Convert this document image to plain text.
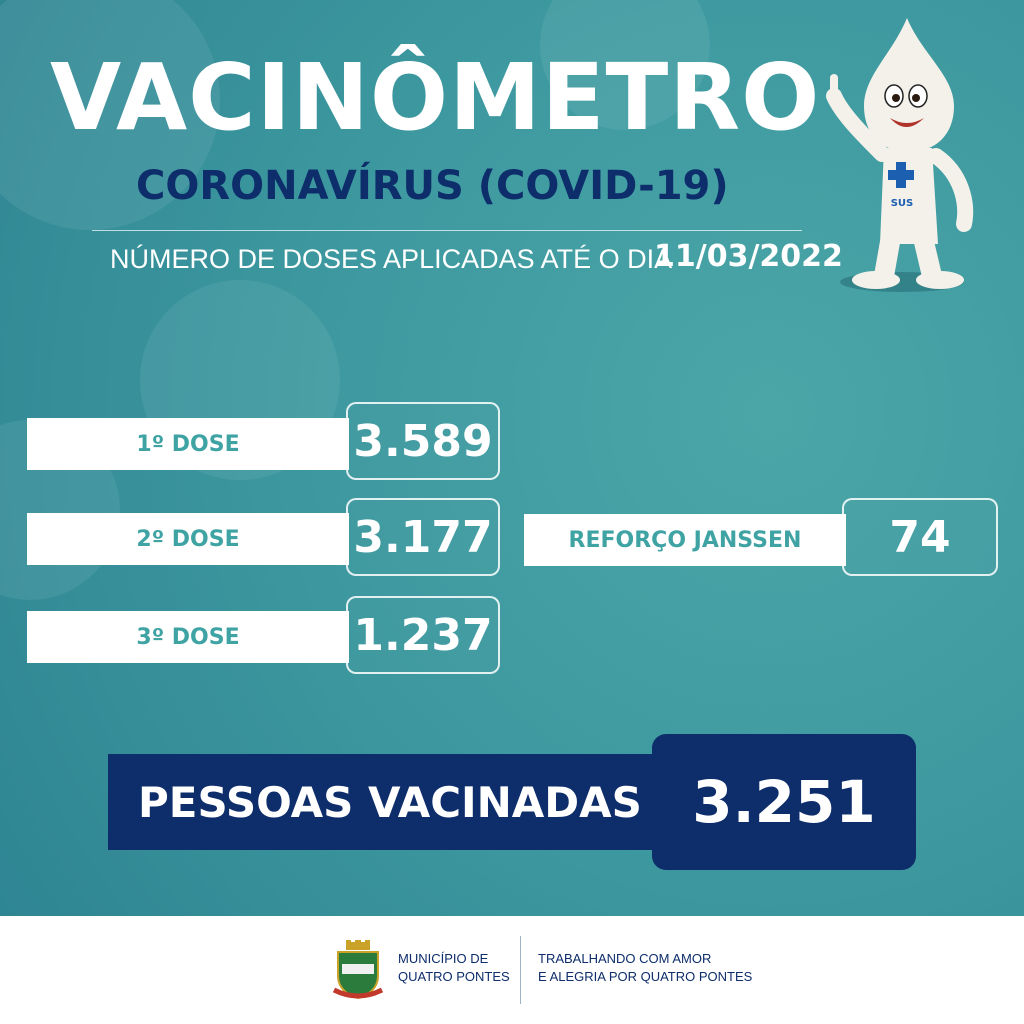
VACINÔMETRO
CORONAVÍRUS (COVID-19)
NÚMERO DE DOSES APLICADAS ATÉ O DIA
11/03/2022
SUS
1º DOSE	3.589
2º DOSE	3.177
3º DOSE	1.237
REFORÇO JANSSEN	74
PESSOAS VACINADAS 3.251
MUNICÍPIO DE
QUATRO PONTES
TRABALHANDO COM AMOR
E ALEGRIA POR QUATRO PONTES
